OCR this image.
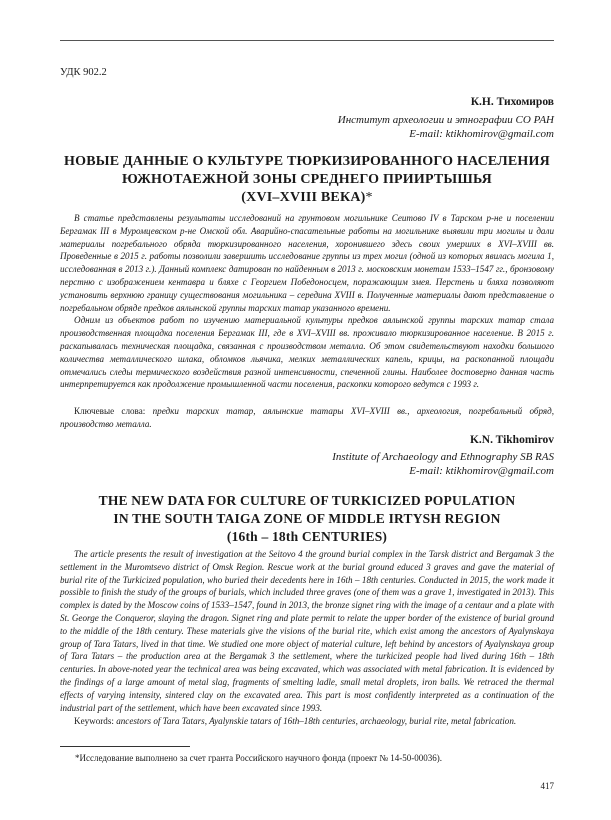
УДК 902.2
К.Н. Тихомиров
Институт археологии и этнографии СО РАН
E-mail: ktikhomirov@gmail.com
НОВЫЕ ДАННЫЕ О КУЛЬТУРЕ ТЮРКИЗИРОВАННОГО НАСЕЛЕНИЯ
ЮЖНОТАЕЖНОЙ ЗОНЫ СРЕДНЕГО ПРИИРТЫШЬЯ
(XVI–XVIII ВЕКА)*

В статье представлены результаты исследований на грунтовом могильнике Сеитово IV в Тарском р-не и поселении Бергамак III в Муромцевском р-не Омской обл. Аварийно-спасательные работы на могильнике выявили три могилы и дали материалы погребального обряда тюркизированного населения, хоронившего здесь своих умерших в XVI–XVIII вв. Проведенные в 2015 г. работы позволили завершить исследование группы из трех могил (одной из которых явилась могила 1, исследованная в 2013 г.). Данный комплекс датирован по найденным в 2013 г. московским монетам 1533–1547 гг., бронзовому перстню с изображением кентавра и бляхе с Георгием Победоносцем, поражающим змея. Перстень и бляха позволяют установить верхнюю границу существования могильника – середина XVIII в. Полученные материалы дают представление о погребальном обряде предков аялынской группы тарских татар указанного времени.

Одним из объектов работ по изучению материальной культуры предков аялынской группы тарских татар стала производственная площадка поселения Бергамак III, где в XVI–XVIII вв. проживало тюркизированное население. В 2015 г. раскапывалась техническая площадка, связанная с производством металла. Об этом свидетельствуют находки большого количества металлического шлака, обломков льячика, мелких металлических капель, крицы, на раскопанной площади отмечались следы термического воздействия разной интенсивности, спеченной глины. Наиболее достоверно данная часть интерпретируется как продолжение промышленной части поселения, раскопки которого ведутся с 1993 г.

Ключевые слова: предки тарских татар, аялынские татары XVI–XVIII вв., археология, погребальный обряд, производство металла.
K.N. Tikhomirov
Institute of Archaeology and Ethnography SB RAS
E-mail: ktikhomirov@gmail.com
THE NEW DATA FOR CULTURE OF TURKICIZED POPULATION
IN THE SOUTH TAIGA ZONE OF MIDDLE IRTYSH REGION
(16th – 18th CENTURIES)

The article presents the result of investigation at the Seitovo 4 the ground burial complex in the Tarsk district and Bergamak 3 the settlement in the Muromtsevo district of Omsk Region. Rescue work at the burial ground educed 3 graves and gave the material of burial rite of the Turkicized population, who buried their decedents here in 16th – 18th centuries. Conducted in 2015, the work made it possible to finish the study of the groups of burials, which included three graves (one of them was a grave 1, investigated in 2013). This complex is dated by the Moscow coins of 1533–1547, found in 2013, the bronze signet ring with the image of a centaur and a plate with St. George the Conqueror, slaying the dragon. Signet ring and plate permit to relate the upper border of the existence of burial ground to the middle of the 18th century. These materials give the visions of the burial rite, which exist among the ancestors of Ayalynskaya group of Tara Tatars, lived in that time. We studied one more object of material culture, left behind by ancestors of Ayalynskaya group of Tara Tatars – the production area at the Bergamak 3 the settlement, where the turkicized people had lived during 16th – 18th centuries. In above-noted year the technical area was being excavated, which was associated with metal fabrication. It is evidenced by the findings of a large amount of metal slag, fragments of smelting ladle, small metal droplets, iron balls. We retraced the thermal effects of varying intensity, sintered clay on the excavated area. This part is most confidently interpreted as a continuation of the industrial part of the settlement, which have been excavated since 1993.

Keywords: ancestors of Tara Tatars, Ayalynskie tatars of 16th–18th centuries, archaeology, burial rite, metal fabrication.
*Исследование выполнено за счет гранта Российского научного фонда (проект № 14-50-00036).
417
